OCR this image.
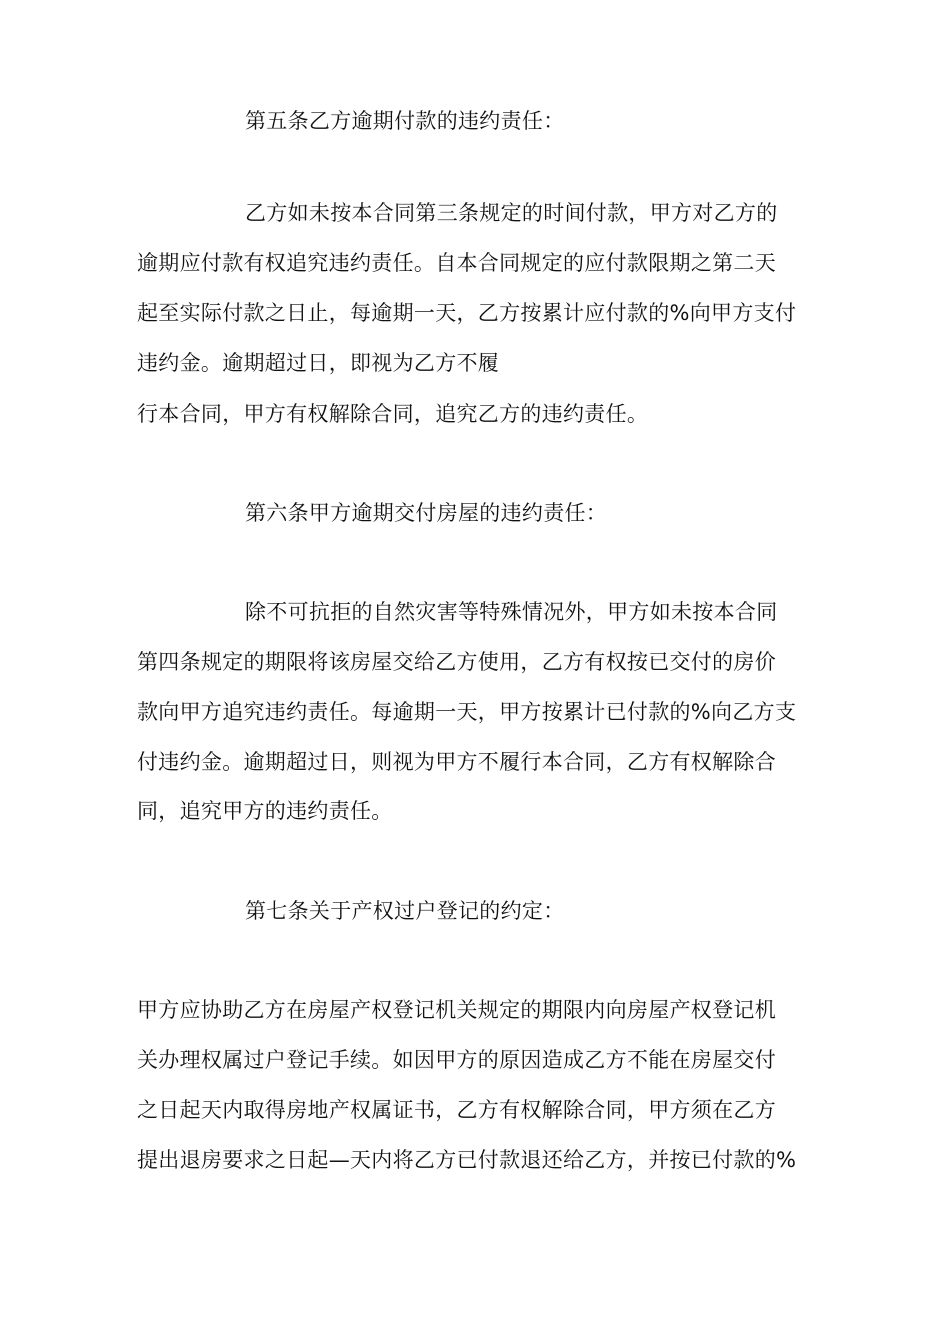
第五条乙方逾期付款的违约责任：
乙方如未按本合同第三条规定的时间付款，甲方对乙方的
逾期应付款有权追究违约责任。自本合同规定的应付款限期之第二天
起至实际付款之日止，每逾期一天，乙方按累计应付款的%向甲方支付
违约金。逾期超过日，即视为乙方不履
行本合同，甲方有权解除合同，追究乙方的违约责任。
第六条甲方逾期交付房屋的违约责任：
除不可抗拒的自然灾害等特殊情况外，甲方如未按本合同
第四条规定的期限将该房屋交给乙方使用，乙方有权按已交付的房价
款向甲方追究违约责任。每逾期一天，甲方按累计已付款的%向乙方支
付违约金。逾期超过日，则视为甲方不履行本合同，乙方有权解除合
同，追究甲方的违约责任。
第七条关于产权过户登记的约定：
甲方应协助乙方在房屋产权登记机关规定的期限内向房屋产权登记机
关办理权属过户登记手续。如因甲方的原因造成乙方不能在房屋交付
之日起天内取得房地产权属证书，乙方有权解除合同，甲方须在乙方
提出退房要求之日起—天内将乙方已付款退还给乙方，并按已付款的%
